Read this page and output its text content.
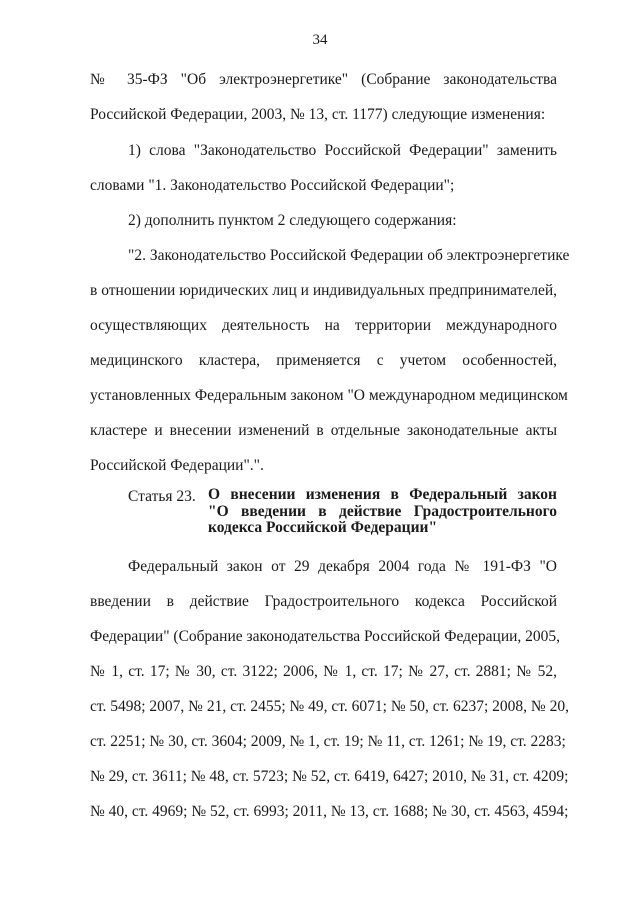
34
№ 35-ФЗ "Об электроэнергетике" (Собрание законодательства
Российской Федерации, 2003, № 13, ст. 1177) следующие изменения:
1) слова "Законодательство Российской Федерации" заменить
словами "1. Законодательство Российской Федерации";
2) дополнить пунктом 2 следующего содержания:
"2. Законодательство Российской Федерации об электроэнергетике
в отношении юридических лиц и индивидуальных предпринимателей,
осуществляющих деятельность на территории международного
медицинского кластера, применяется с учетом особенностей,
установленных Федеральным законом "О международном медицинском
кластере и внесении изменений в отдельные законодательные акты
Российской Федерации".".
Статья 23. О внесении изменения в Федеральный закон
"О введении в действие Градостроительного
кодекса Российской Федерации"
Федеральный закон от 29 декабря 2004 года № 191-ФЗ "О
введении в действие Градостроительного кодекса Российской
Федерации" (Собрание законодательства Российской Федерации, 2005,
№ 1, ст. 17; № 30, ст. 3122; 2006, № 1, ст. 17; № 27, ст. 2881; № 52,
ст. 5498; 2007, № 21, ст. 2455; № 49, ст. 6071; № 50, ст. 6237; 2008, № 20,
ст. 2251; № 30, ст. 3604; 2009, № 1, ст. 19; № 11, ст. 1261; № 19, ст. 2283;
№ 29, ст. 3611; № 48, ст. 5723; № 52, ст. 6419, 6427; 2010, № 31, ст. 4209;
№ 40, ст. 4969; № 52, ст. 6993; 2011, № 13, ст. 1688; № 30, ст. 4563, 4594;
